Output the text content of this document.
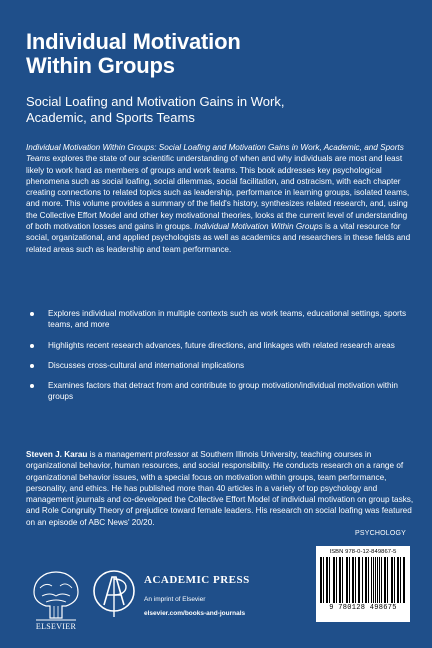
Individual Motivation
Within Groups
Social Loafing and Motivation Gains in Work,
Academic, and Sports Teams

Individual Motivation Within Groups: Social Loafing and Motivation Gains in Work, Academic, and Sports Teams explores the state of our scientific understanding of when and why individuals are most and least likely to work hard as members of groups and work teams. This book addresses key psychological phenomena such as social loafing, social dilemmas, social facilitation, and ostracism, with each chapter creating connections to related topics such as leadership, performance in learning groups, isolated teams, and more. This volume provides a summary of the field's history, synthesizes related research, and, using the Collective Effort Model and other key motivational theories, looks at the current level of understanding of both motivation losses and gains in groups. Individual Motivation Within Groups is a vital resource for social, organizational, and applied psychologists as well as academics and researchers in these fields and related areas such as leadership and team performance.

Explores individual motivation in multiple contexts such as work teams, educational settings, sports teams, and more
Highlights recent research advances, future directions, and linkages with related research areas
Discusses cross-cultural and international implications
Examines factors that detract from and contribute to group motivation/individual motivation within groups

Steven J. Karau is a management professor at Southern Illinois University, teaching courses in organizational behavior, human resources, and social responsibility. He conducts research on a range of organizational behavior issues, with a special focus on motivation within groups, team performance, personality, and ethics. He has published more than 40 articles in a variety of top psychology and management journals and co-developed the Collective Effort Model of individual motivation on group tasks, and Role Congruity Theory of prejudice toward female leaders. His research on social loafing was featured on an episode of ABC News' 20/20.

PSYCHOLOGY
ELSEVIER
ACADEMIC PRESS
An imprint of Elsevier
elsevier.com/books-and-journals
ISBN 978-0-12-849867-5
9 780128 498675
